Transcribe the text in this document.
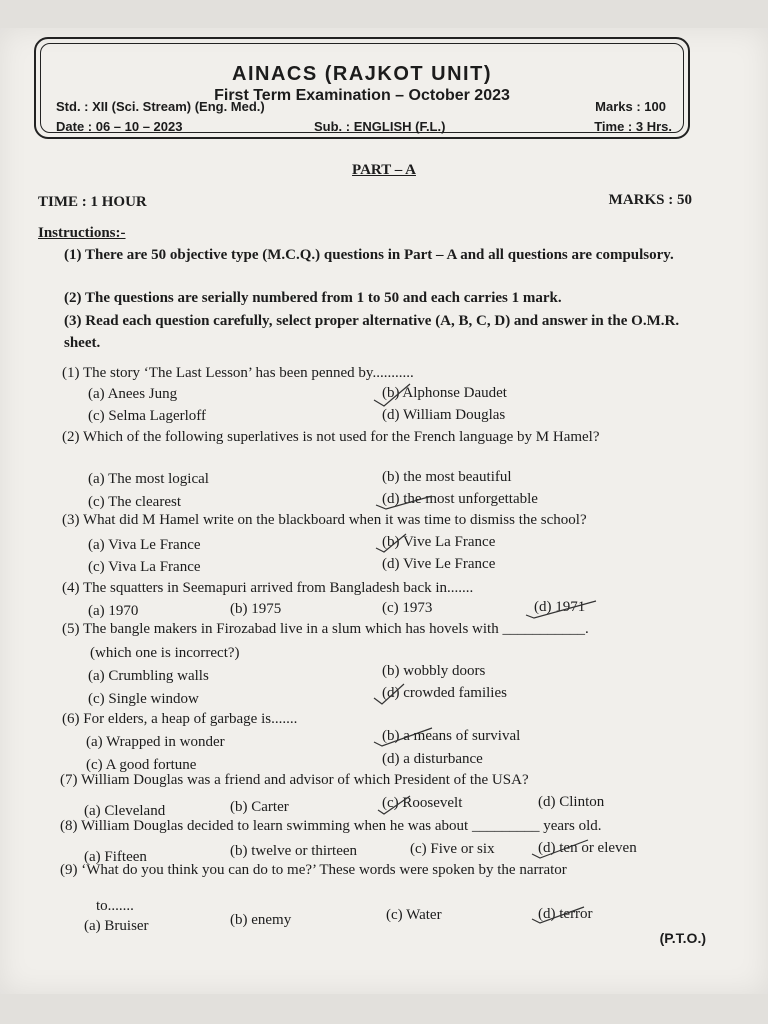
AINACS (RAJKOT UNIT)
First Term Examination – October 2023
Std. : XII (Sci. Stream) (Eng. Med.)	Marks : 100
Date : 06 – 10 – 2023	Sub. : ENGLISH (F.L.)	Time : 3 Hrs.
PART – A
TIME : 1 HOUR	MARKS : 50
Instructions:-
(1) There are 50 objective type (M.C.Q.) questions in Part – A and all questions are compulsory.
(2) The questions are serially numbered from 1 to 50 and each carries 1 mark.
(3) Read each question carefully, select proper alternative (A, B, C, D) and answer in the O.M.R. sheet.
(1) The story ‘The Last Lesson’ has been penned by...........
(a) Anees Jung	(b) Alphonse Daudet
(c) Selma Lagerloff	(d) William Douglas
(2) Which of the following superlatives is not used for the French language by M Hamel?
(a) The most logical	(b) the most beautiful
(c) The clearest	(d) the most unforgettable
(3) What did M Hamel write on the blackboard when it was time to dismiss the school?
(a) Viva Le France	(b) Vive La France
(c) Viva La France	(d) Vive Le France
(4) The squatters in Seemapuri arrived from Bangladesh back in.......
(a) 1970	(b) 1975	(c) 1973	(d) 1971
(5) The bangle makers in Firozabad live in a slum which has hovels with ___________.
(which one is incorrect?)
(a) Crumbling walls	(b) wobbly doors
(c) Single window	(d) crowded families
(6) For elders, a heap of garbage is.......
(a) Wrapped in wonder	(b) a means of survival
(c) A good fortune	(d) a disturbance
(7) William Douglas was a friend and advisor of which President of the USA?
(a) Cleveland	(b) Carter	(c) Roosevelt	(d) Clinton
(8) William Douglas decided to learn swimming when he was about _________ years old.
(a) Fifteen	(b) twelve or thirteen	(c) Five or six	(d) ten or eleven
(9) ‘What do you think you can do to me?’ These words were spoken by the narrator
to.......
(a) Bruiser	(b) enemy	(c) Water	(d) terror
(P.T.O.)
